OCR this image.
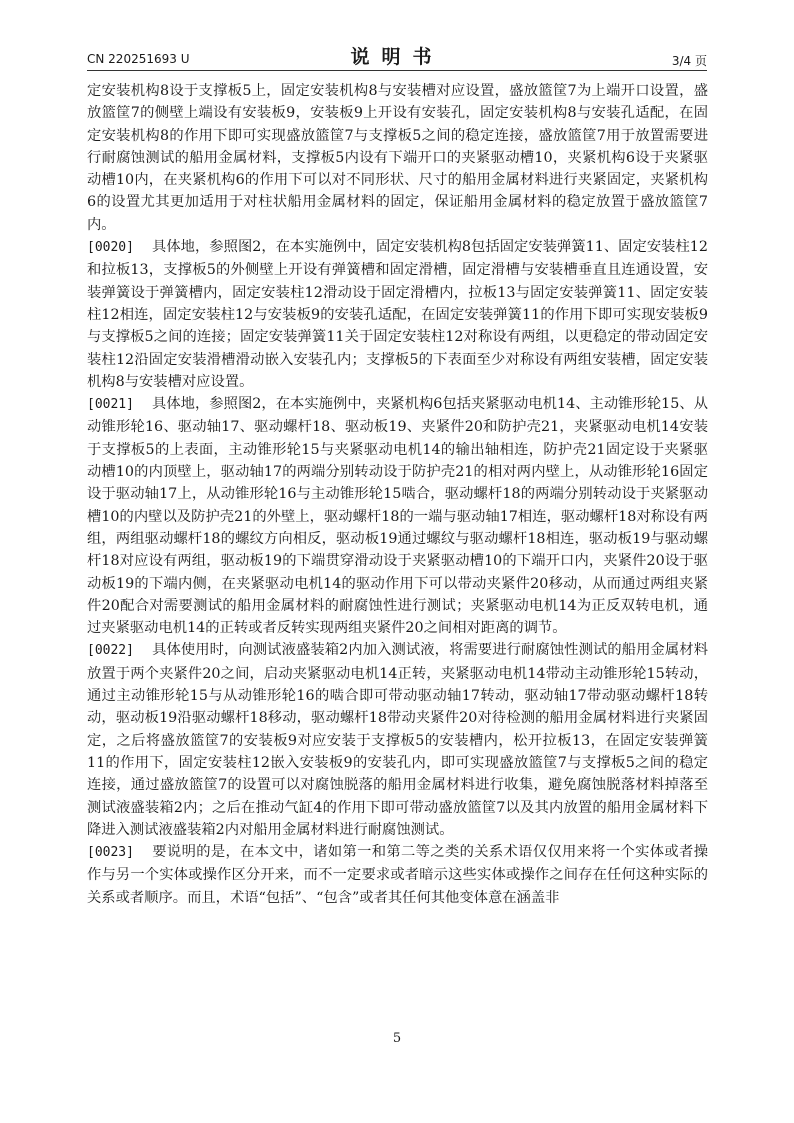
CN 220251693 U	说明书	3/4 页

定安装机构8设于支撑板5上，固定安装机构8与安装槽对应设置，盛放篮筐7为上端开口设置，盛放篮筐7的侧壁上端设有安装板9，安装板9上开设有安装孔，固定安装机构8与安装孔适配，在固定安装机构8的作用下即可实现盛放篮筐7与支撑板5之间的稳定连接，盛放篮筐7用于放置需要进行耐腐蚀测试的船用金属材料，支撑板5内设有下端开口的夹紧驱动槽10，夹紧机构6设于夹紧驱动槽10内，在夹紧机构6的作用下可以对不同形状、尺寸的船用金属材料进行夹紧固定，夹紧机构6的设置尤其更加适用于对柱状船用金属材料的固定，保证船用金属材料的稳定放置于盛放篮筐7内。

[0020] 具体地，参照图2，在本实施例中，固定安装机构8包括固定安装弹簧11、固定安装柱12和拉板13，支撑板5的外侧壁上开设有弹簧槽和固定滑槽，固定滑槽与安装槽垂直且连通设置，安装弹簧设于弹簧槽内，固定安装柱12滑动设于固定滑槽内，拉板13与固定安装弹簧11、固定安装柱12相连，固定安装柱12与安装板9的安装孔适配，在固定安装弹簧11的作用下即可实现安装板9与支撑板5之间的连接；固定安装弹簧11关于固定安装柱12对称设有两组，以更稳定的带动固定安装柱12沿固定安装滑槽滑动嵌入安装孔内；支撑板5的下表面至少对称设有两组安装槽，固定安装机构8与安装槽对应设置。

[0021] 具体地，参照图2，在本实施例中，夹紧机构6包括夹紧驱动电机14、主动锥形轮15、从动锥形轮16、驱动轴17、驱动螺杆18、驱动板19、夹紧件20和防护壳21，夹紧驱动电机14安装于支撑板5的上表面，主动锥形轮15与夹紧驱动电机14的输出轴相连，防护壳21固定设于夹紧驱动槽10的内顶壁上，驱动轴17的两端分别转动设于防护壳21的相对两内壁上，从动锥形轮16固定设于驱动轴17上，从动锥形轮16与主动锥形轮15啮合，驱动螺杆18的两端分别转动设于夹紧驱动槽10的内壁以及防护壳21的外壁上，驱动螺杆18的一端与驱动轴17相连，驱动螺杆18对称设有两组，两组驱动螺杆18的螺纹方向相反，驱动板19通过螺纹与驱动螺杆18相连，驱动板19与驱动螺杆18对应设有两组，驱动板19的下端贯穿滑动设于夹紧驱动槽10的下端开口内，夹紧件20设于驱动板19的下端内侧，在夹紧驱动电机14的驱动作用下可以带动夹紧件20移动，从而通过两组夹紧件20配合对需要测试的船用金属材料的耐腐蚀性进行测试；夹紧驱动电机14为正反双转电机，通过夹紧驱动电机14的正转或者反转实现两组夹紧件20之间相对距离的调节。

[0022] 具体使用时，向测试液盛装箱2内加入测试液，将需要进行耐腐蚀性测试的船用金属材料放置于两个夹紧件20之间，启动夹紧驱动电机14正转，夹紧驱动电机14带动主动锥形轮15转动，通过主动锥形轮15与从动锥形轮16的啮合即可带动驱动轴17转动，驱动轴17带动驱动螺杆18转动，驱动板19沿驱动螺杆18移动，驱动螺杆18带动夹紧件20对待检测的船用金属材料进行夹紧固定，之后将盛放篮筐7的安装板9对应安装于支撑板5的安装槽内，松开拉板13，在固定安装弹簧11的作用下，固定安装柱12嵌入安装板9的安装孔内，即可实现盛放篮筐7与支撑板5之间的稳定连接，通过盛放篮筐7的设置可以对腐蚀脱落的船用金属材料进行收集，避免腐蚀脱落材料掉落至测试液盛装箱2内；之后在推动气缸4的作用下即可带动盛放篮筐7以及其内放置的船用金属材料下降进入测试液盛装箱2内对船用金属材料进行耐腐蚀测试。

[0023] 要说明的是，在本文中，诸如第一和第二等之类的关系术语仅仅用来将一个实体或者操作与另一个实体或操作区分开来，而不一定要求或者暗示这些实体或操作之间存在任何这种实际的关系或者顺序。而且，术语“包括”、“包含”或者其任何其他变体意在涵盖非

5
